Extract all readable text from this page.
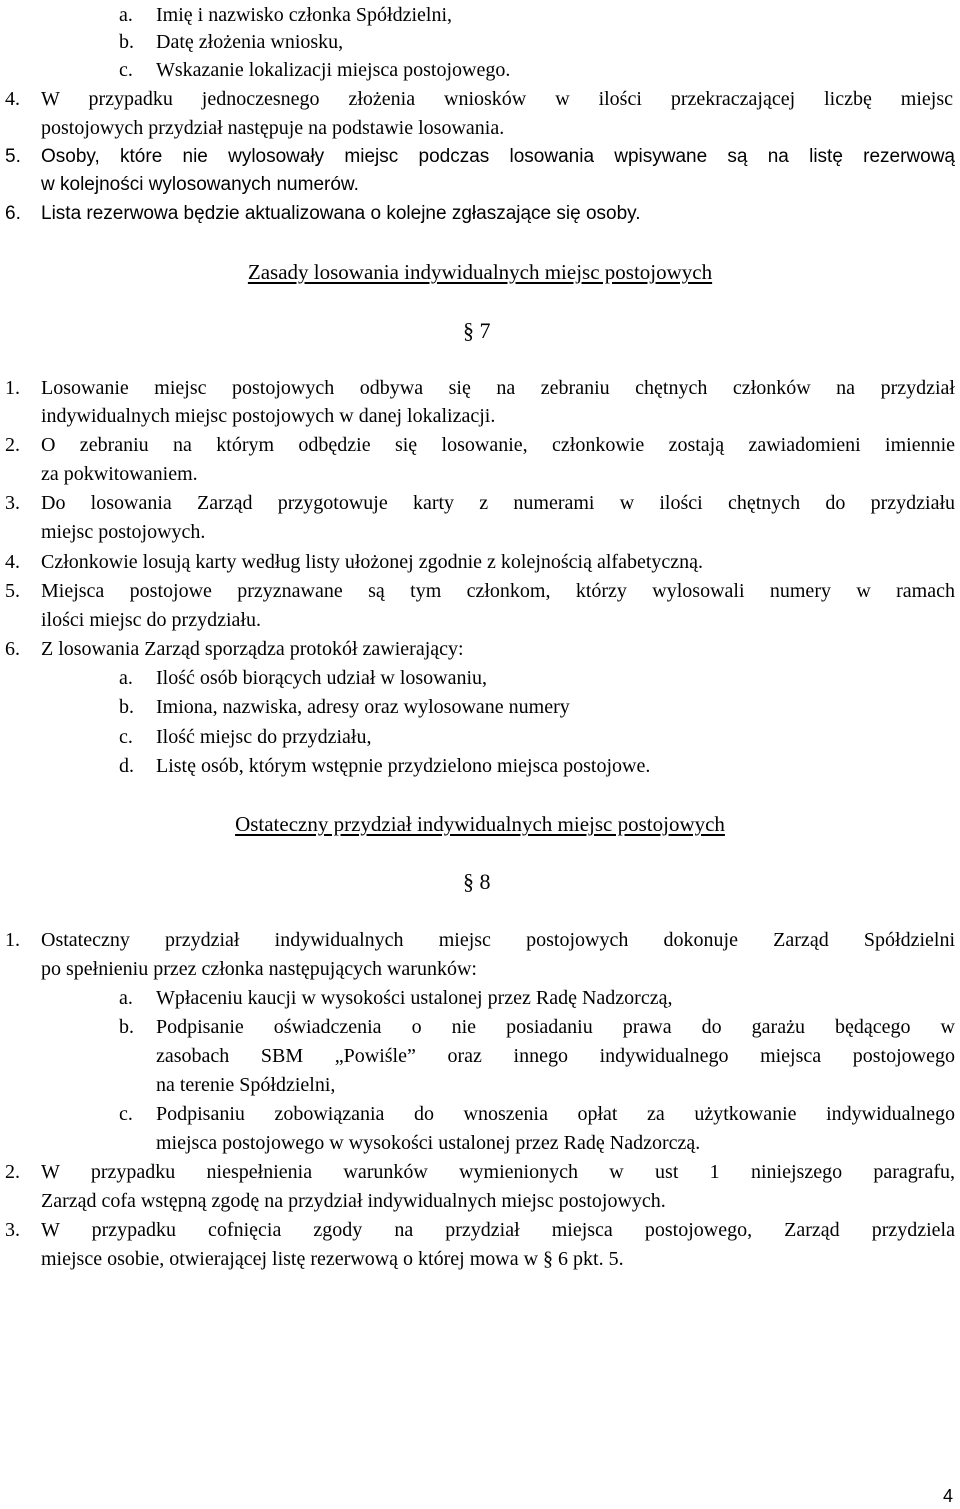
a. Imię i nazwisko członka Spółdzielni,
b. Datę złożenia wniosku,
c. Wskazanie lokalizacji miejsca postojowego.
4. W przypadku jednoczesnego złożenia wniosków w ilości przekraczającej liczbę miejsc
postojowych przydział następuje na podstawie losowania.
5. Osoby, które nie wylosowały miejsc podczas losowania wpisywane są na listę rezerwową
w kolejności wylosowanych numerów.
6. Lista rezerwowa będzie aktualizowana o kolejne zgłaszające się osoby.
Zasady losowania indywidualnych miejsc postojowych
§ 7
1. Losowanie miejsc postojowych odbywa się na zebraniu chętnych członków na przydział
indywidualnych miejsc postojowych w danej lokalizacji.
2. O zebraniu na którym odbędzie się losowanie, członkowie zostają zawiadomieni imiennie
za pokwitowaniem.
3. Do losowania Zarząd przygotowuje karty z numerami w ilości chętnych do przydziału
miejsc postojowych.
4. Członkowie losują karty według listy ułożonej zgodnie z kolejnością alfabetyczną.
5. Miejsca postojowe przyznawane są tym członkom, którzy wylosowali numery w ramach
ilości miejsc do przydziału.
6. Z losowania Zarząd sporządza protokół zawierający:
a. Ilość osób biorących udział w losowaniu,
b. Imiona, nazwiska, adresy oraz wylosowane numery
c. Ilość miejsc do przydziału,
d. Listę osób, którym wstępnie przydzielono miejsca postojowe.
Ostateczny przydział indywidualnych miejsc postojowych
§ 8
1. Ostateczny przydział indywidualnych miejsc postojowych dokonuje Zarząd Spółdzielni
po spełnieniu przez członka następujących warunków:
a. Wpłaceniu kaucji w wysokości ustalonej przez Radę Nadzorczą,
b. Podpisanie oświadczenia o nie posiadaniu prawa do garażu będącego w
zasobach SBM „Powiśle” oraz innego indywidualnego miejsca postojowego
na terenie Spółdzielni,
c. Podpisaniu zobowiązania do wnoszenia opłat za użytkowanie indywidualnego
miejsca postojowego w wysokości ustalonej przez Radę Nadzorczą.
2. W przypadku niespełnienia warunków wymienionych w ust 1 niniejszego paragrafu,
Zarząd cofa wstępną zgodę na przydział indywidualnych miejsc postojowych.
3. W przypadku cofnięcia zgody na przydział miejsca postojowego, Zarząd przydziela
miejsce osobie, otwierającej listę rezerwową o której mowa w § 6 pkt. 5.
4
